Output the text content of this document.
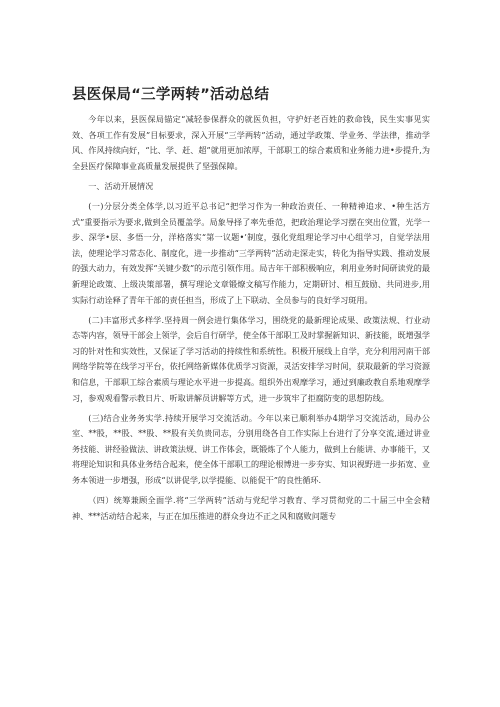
县医保局“三学两转”活动总结

今年以来，县医保局锚定“减轻参保群众的就医负担，守护好老百姓的救命钱，民生实事见实效、各项工作有发展”目标要求，深入开展“三学两转”活动，通过学政策、学业务、学法律，推动学风、作风持续向好，“比、学、赶、超”就用更加浓厚，干部职工的综合素质和业务能力进•步提升,为全县医疗保障事业高质量发展提供了坚强保障。

一、活动开展情况

(一)分层分类全体学,以习近平总书记“把学习作为一种政治责任、一种精神追求、•种生活方式”重要指示为要求,做到全员覆盖学。局象导择了率先垂范，把政治理论学习摆在突出位置，光学一步、深学•层、多悟一分，洋格落实“第一议题•’制度，强化党组理论学习中心组学习，自觉学法用法，使理论学习常态化、制度化，进一步推动“三学两转”活动走深走实，转化为指导实践、推动发展的强大动力，有效发挥“关键少数”的示范引领作用。局吉年干部积极响应，利用业务时间研读党的最新理论政策、上级决策部署，撰写理论文章锻燎文稿写作能力，定期研讨、相互鼓励、共同进步,用实际行动诠释了青年干部的责任担当，形成了上下联动、全员参与的良好学习斑用。

(二)丰富形式多样学.坚持周一例会进行集体学习，围绕党的最新理论成果、政策法规、行业动态等内容，领导干部会上领学，会后自行研学，使全体干部职工及时掌握新知识、新技能，既增强学习的针对性和实效性，又保证了学习活动的持续性和系统性。积极开展线上自学，充分利用河南干部网络学院等在线学习平台，依托网络新媒体优质学习资源，灵活安排学习时间，获取最新的学习资源和信息，干部职工综合素质与理论水平进一步提高。组织外出观摩学习，通过到廉政教自系地观摩学习，参观观看警示教日片、听取讲解员讲解等方式，进一步筑牢了拒腐防变的思想防线。

(三)结合业务务实学.持续开展学习交流活动。今年以来已顺利举办4期学习交流活动，局办公室、**股，**股、**股、**股有关负贵同志，分别用绕各自工作实际上台进行了分享交流,通过讲业务技能、讲经验做法、讲政策法规、讲工作体会，既锻炼了个人能力，做到上台能讲、办事能干，又将理论知识和具体业务结合起来，使全体干部职工的理论根博进一步夯实、知识视野进一步拓宽、业务本领进一步增强，形成“以讲促学,以学提能、以能促干”的良性循环.

（四）统筹兼顾全面学.将“三学两转”活动与党纪学习教育、学习贯彻党的二十届三中全会精神、***活动结合起来，与正在加压推进的群众身边不正之风和腐败问题专
